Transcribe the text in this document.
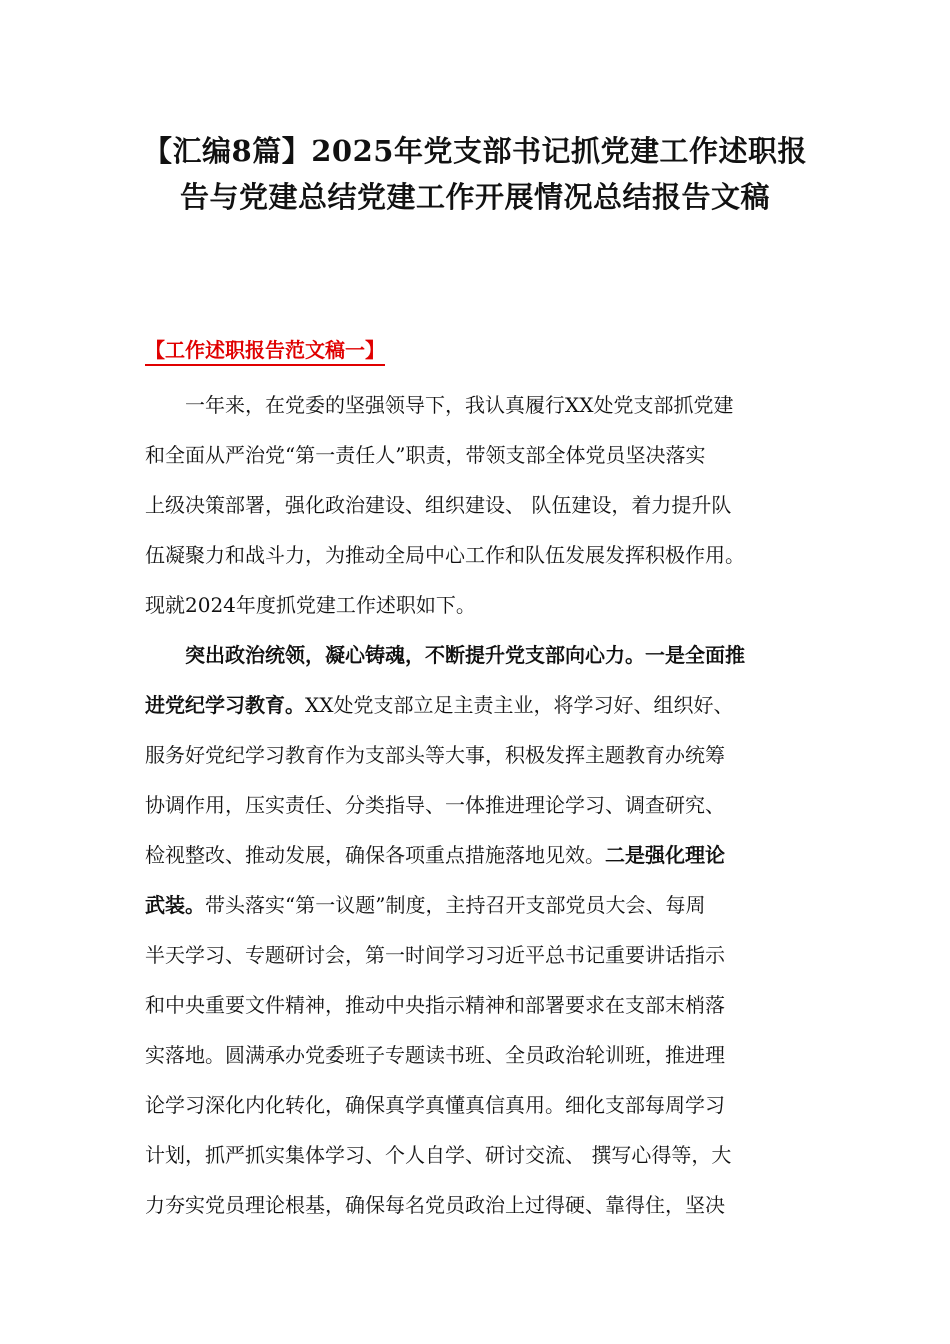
【汇编8篇】2025年党支部书记抓党建工作述职报
告与党建总结党建工作开展情况总结报告文稿
【工作述职报告范文稿一】
一年来，在党委的坚强领导下，我认真履行XX处党支部抓党建
和全面从严治党“第一责任人”职责，带领支部全体党员坚决落实
上级决策部署，强化政治建设、组织建设、 队伍建设，着力提升队
伍凝聚力和战斗力，为推动全局中心工作和队伍发展发挥积极作用。
现就2024年度抓党建工作述职如下。
突出政治统领，凝心铸魂，不断提升党支部向心力。一是全面推
进党纪学习教育。XX处党支部立足主责主业，将学习好、组织好、
服务好党纪学习教育作为支部头等大事，积极发挥主题教育办统筹
协调作用，压实责任、分类指导、一体推进理论学习、调查研究、
检视整改、推动发展，确保各项重点措施落地见效。二是强化理论
武装。带头落实“第一议题”制度，主持召开支部党员大会、每周
半天学习、专题研讨会，第一时间学习习近平总书记重要讲话指示
和中央重要文件精神，推动中央指示精神和部署要求在支部末梢落
实落地。圆满承办党委班子专题读书班、全员政治轮训班，推进理
论学习深化内化转化，确保真学真懂真信真用。细化支部每周学习
计划，抓严抓实集体学习、个人自学、研讨交流、 撰写心得等，大
力夯实党员理论根基，确保每名党员政治上过得硬、靠得住，坚决
